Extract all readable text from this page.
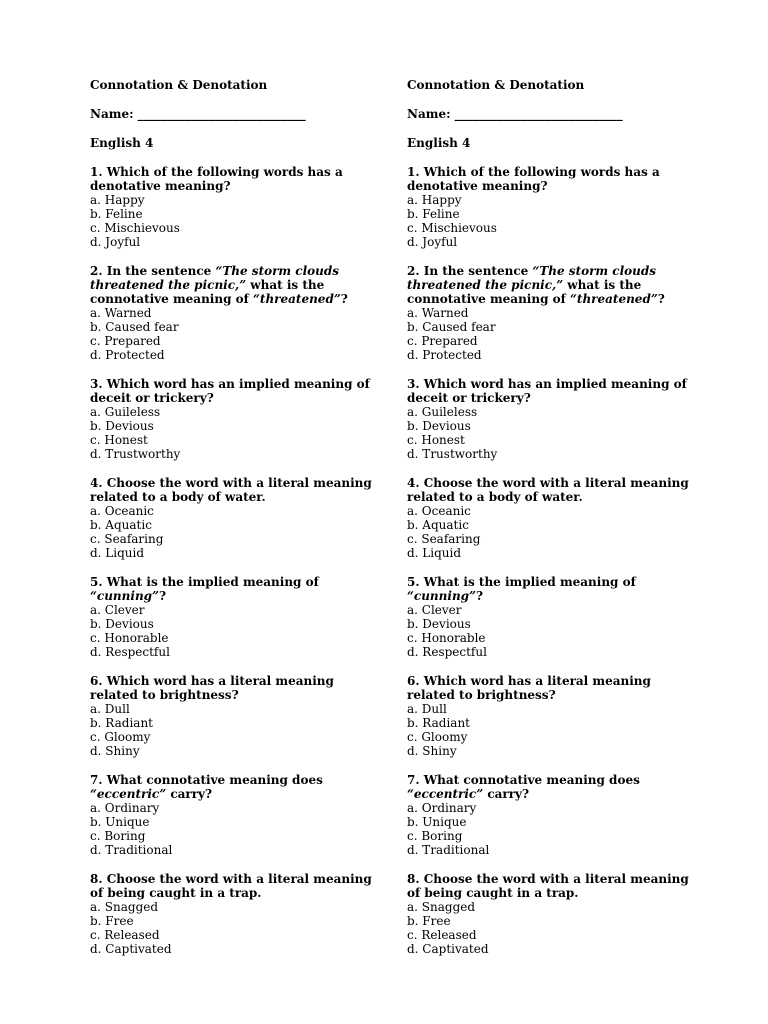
Connotation & Denotation
Name: ____________________________
English 4
1. Which of the following words has a denotative meaning?
a. Happy
b. Feline
c. Mischievous
d. Joyful
2. In the sentence “The storm clouds threatened the picnic,” what is the connotative meaning of “threatened”?
a. Warned
b. Caused fear
c. Prepared
d. Protected
3. Which word has an implied meaning of deceit or trickery?
a. Guileless
b. Devious
c. Honest
d. Trustworthy
4. Choose the word with a literal meaning related to a body of water.
a. Oceanic
b. Aquatic
c. Seafaring
d. Liquid
5. What is the implied meaning of “cunning”?
a. Clever
b. Devious
c. Honorable
d. Respectful
6. Which word has a literal meaning related to brightness?
a. Dull
b. Radiant
c. Gloomy
d. Shiny
7. What connotative meaning does “eccentric” carry?
a. Ordinary
b. Unique
c. Boring
d. Traditional
8. Choose the word with a literal meaning of being caught in a trap.
a. Snagged
b. Free
c. Released
d. Captivated
Connotation & Denotation
Name: ____________________________
English 4
1. Which of the following words has a denotative meaning?
a. Happy
b. Feline
c. Mischievous
d. Joyful
2. In the sentence “The storm clouds threatened the picnic,” what is the connotative meaning of “threatened”?
a. Warned
b. Caused fear
c. Prepared
d. Protected
3. Which word has an implied meaning of deceit or trickery?
a. Guileless
b. Devious
c. Honest
d. Trustworthy
4. Choose the word with a literal meaning related to a body of water.
a. Oceanic
b. Aquatic
c. Seafaring
d. Liquid
5. What is the implied meaning of “cunning”?
a. Clever
b. Devious
c. Honorable
d. Respectful
6. Which word has a literal meaning related to brightness?
a. Dull
b. Radiant
c. Gloomy
d. Shiny
7. What connotative meaning does “eccentric” carry?
a. Ordinary
b. Unique
c. Boring
d. Traditional
8. Choose the word with a literal meaning of being caught in a trap.
a. Snagged
b. Free
c. Released
d. Captivated
